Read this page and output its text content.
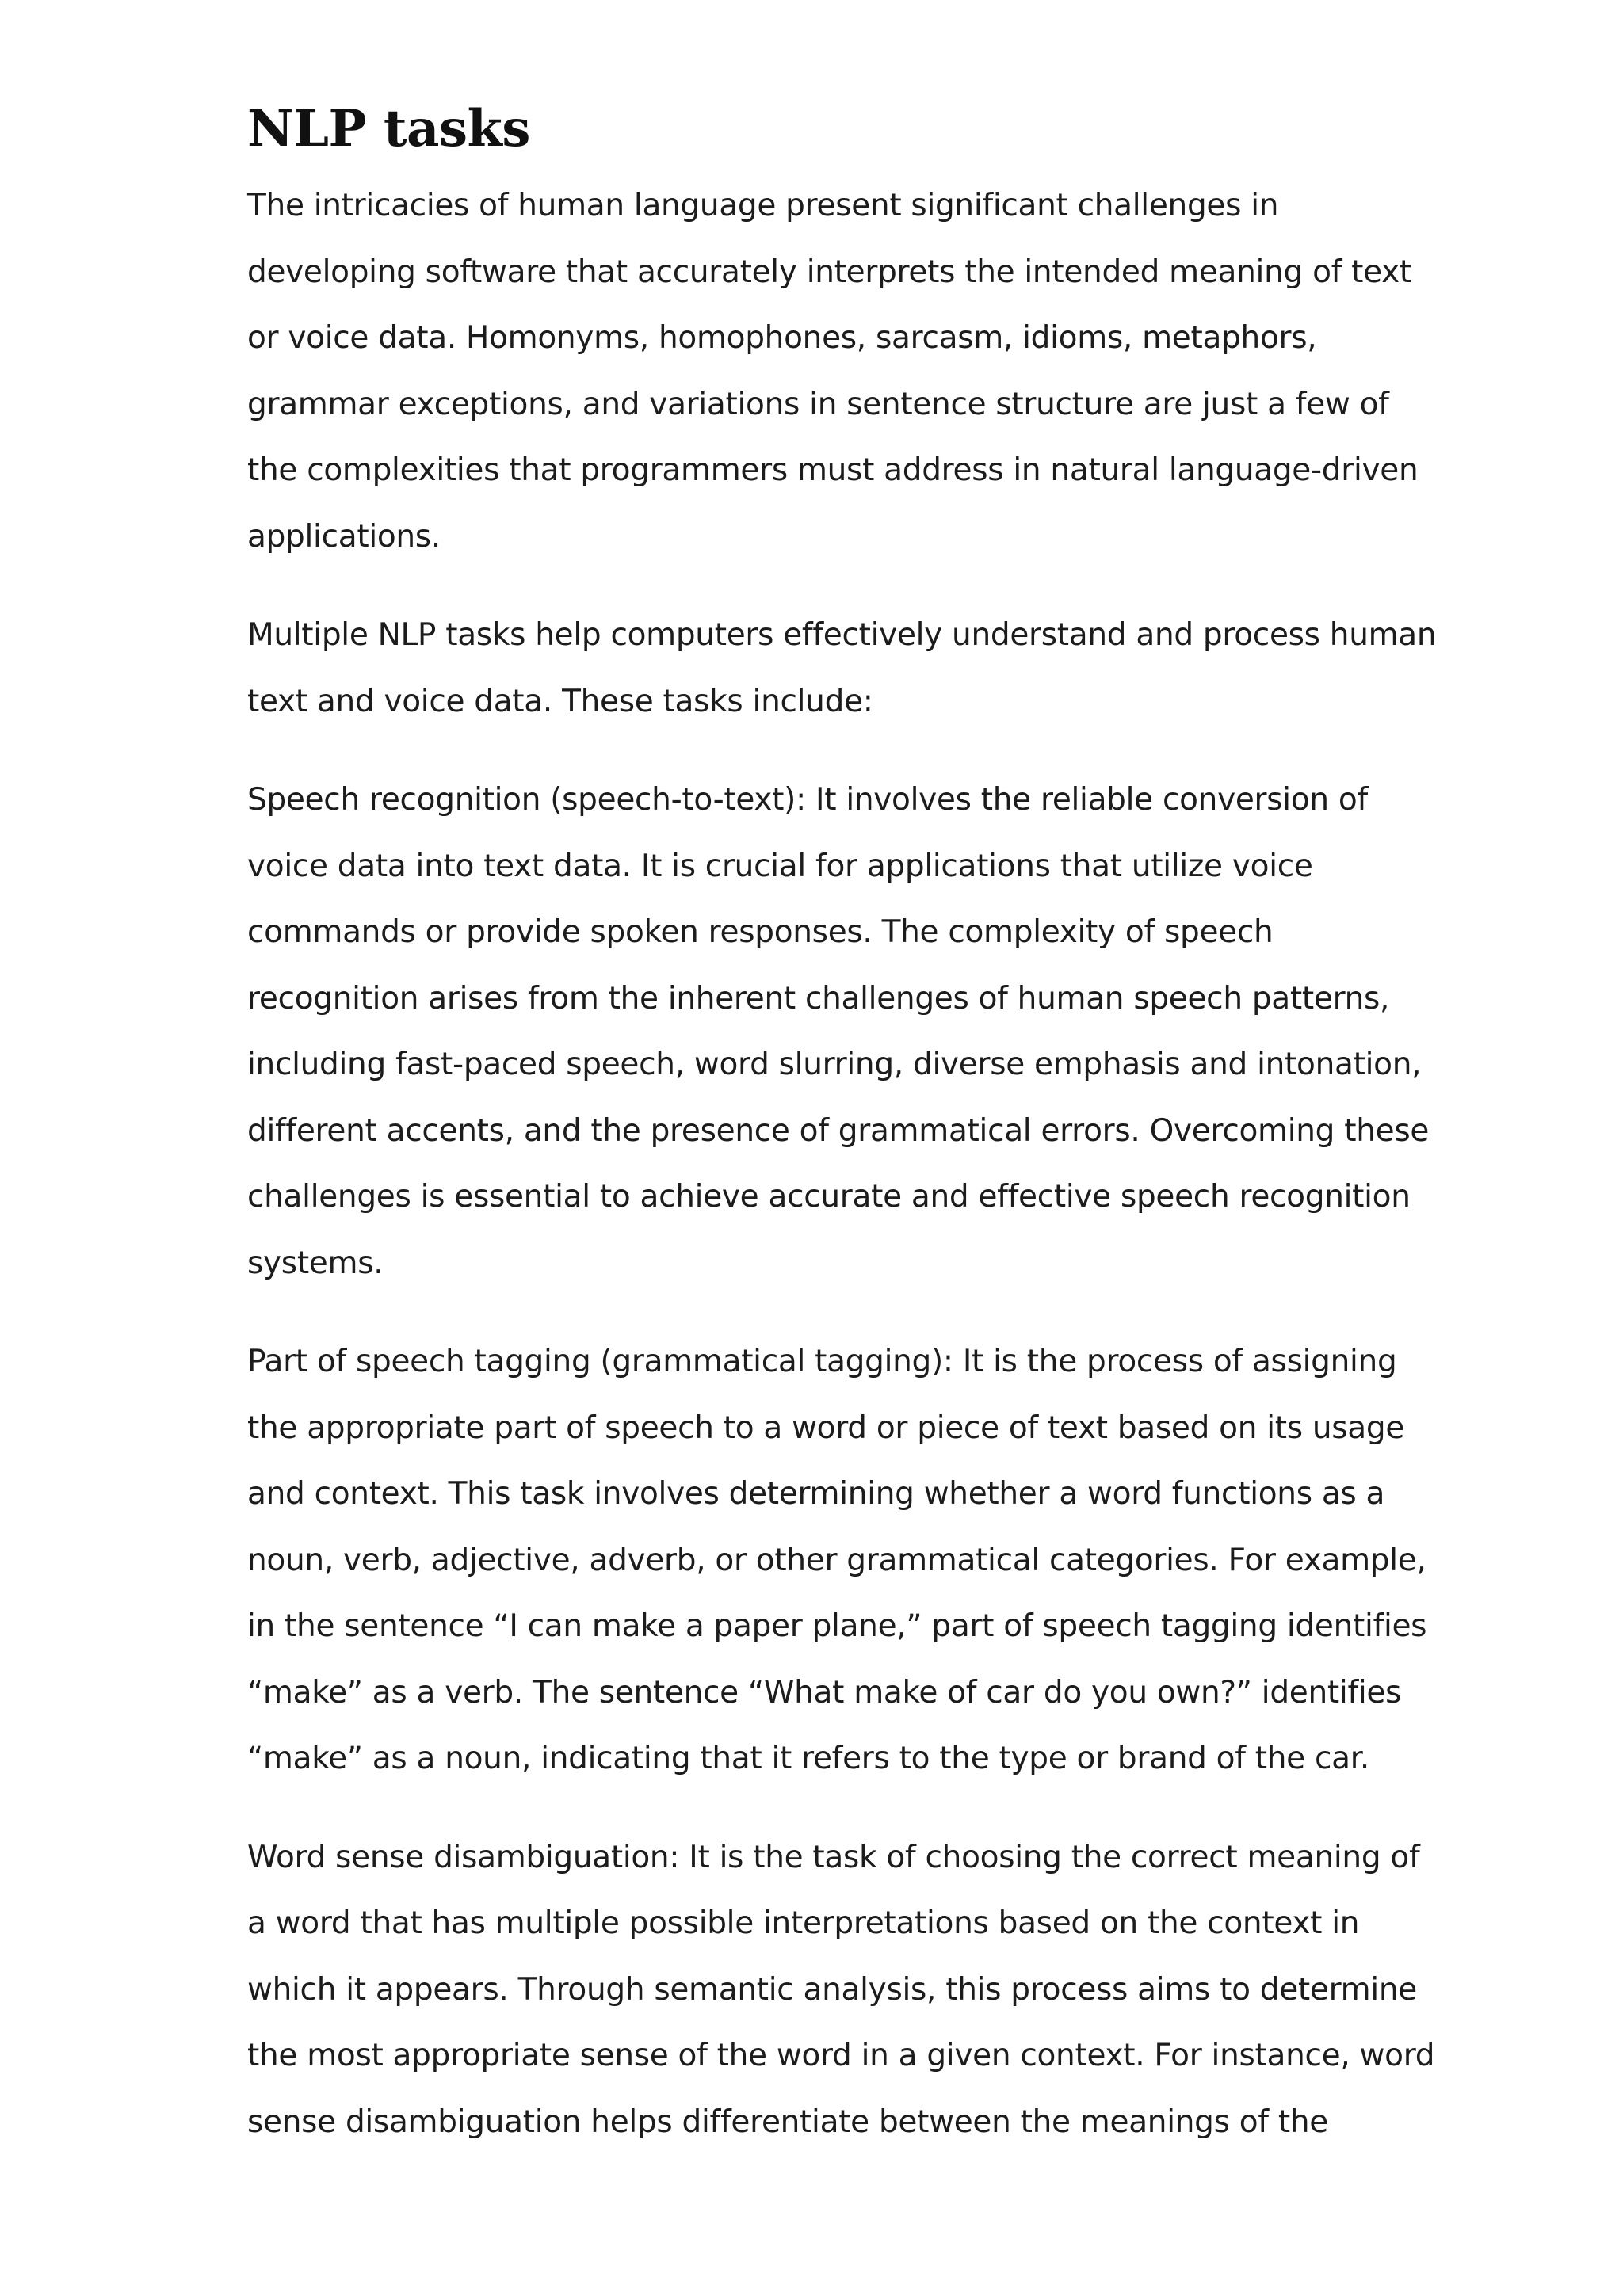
NLP tasks

The intricacies of human language present significant challenges in developing software that accurately interprets the intended meaning of text or voice data. Homonyms, homophones, sarcasm, idioms, metaphors, grammar exceptions, and variations in sentence structure are just a few of the complexities that programmers must address in natural language-driven applications.

Multiple NLP tasks help computers effectively understand and process human text and voice data. These tasks include:

Speech recognition (speech-to-text): It involves the reliable conversion of voice data into text data. It is crucial for applications that utilize voice commands or provide spoken responses. The complexity of speech recognition arises from the inherent challenges of human speech patterns, including fast-paced speech, word slurring, diverse emphasis and intonation, different accents, and the presence of grammatical errors. Overcoming these challenges is essential to achieve accurate and effective speech recognition systems.

Part of speech tagging (grammatical tagging): It is the process of assigning the appropriate part of speech to a word or piece of text based on its usage and context. This task involves determining whether a word functions as a noun, verb, adjective, adverb, or other grammatical categories. For example, in the sentence “I can make a paper plane,” part of speech tagging identifies “make” as a verb. The sentence “What make of car do you own?” identifies “make” as a noun, indicating that it refers to the type or brand of the car.

Word sense disambiguation: It is the task of choosing the correct meaning of a word that has multiple possible interpretations based on the context in which it appears. Through semantic analysis, this process aims to determine the most appropriate sense of the word in a given context. For instance, word sense disambiguation helps differentiate between the meanings of the
